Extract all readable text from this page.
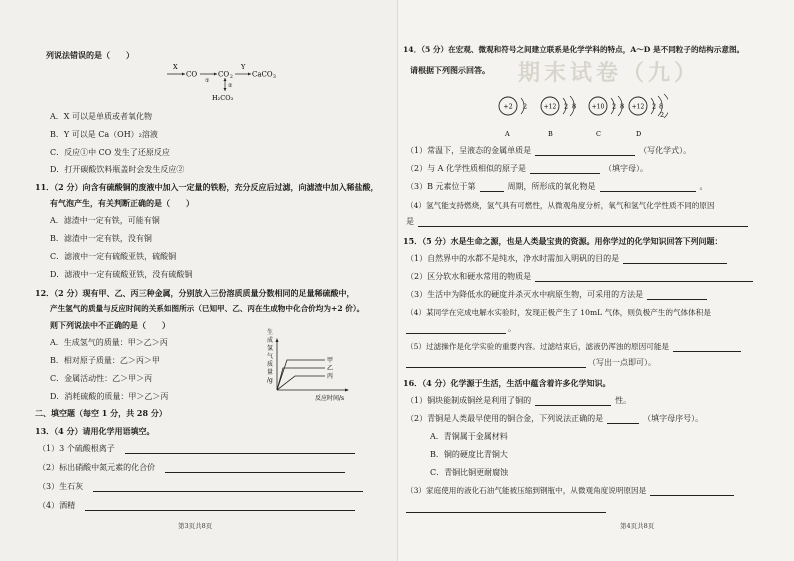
列说法错误的是（　　）
X
CO
①
CO 2
Y
CaCO 3
②
H₂CO₃
A．X 可以是单质或者氧化物
B．Y 可以是 Ca（OH）₂溶液
C．反应①中 CO 发生了还原反应
D．打开碳酸饮料瓶盖时会发生反应②
11．（2 分）向含有硫酸铜的废液中加入一定量的铁粉，充分反应后过滤，向滤渣中加入稀盐酸，
有气泡产生，有关判断正确的是（　　）
A．滤渣中一定有铁，可能有铜
B．滤渣中一定有铁，没有铜
C．滤液中一定有硫酸亚铁，硫酸铜
D．滤液中一定有硫酸亚铁，没有硫酸铜
12．（2 分）现有甲、乙、丙三种金属，分别放入三份溶质质量分数相同的足量稀硫酸中，
产生氢气的质量与反应时间的关系如图所示（已知甲、乙、丙在生成物中化合价均为+2 价）。
则下列说法中不正确的是（　　）
A．生成氢气的质量：甲＞乙＞丙
B．相对原子质量：乙＞丙＞甲
C．金属活动性：乙＞甲＞丙
D．消耗硫酸的质量：甲＞乙＞丙
生
成
氢
气
质
量
/g
甲
乙
丙
反应时间/s
二、填空题（每空 1 分，共 28 分）
13．（4 分）请用化学用语填空。
（1）3 个硫酸根离子
（2）标出硝酸中氮元素的化合价
（3）生石灰
（4）酒精
第3页共8页
期末试卷（九）
14．（5 分）在宏观、微观和符号之间建立联系是化学学科的特点，A～D 是不同粒子的结构示意图。
请根据下列图示回答。
+2 2
A
+12 2 8
B
+10 2 8
C
+12 2 8
2
D
（1）常温下，呈液态的金属单质是	（写化学式）。
（2）与 A 化学性质相似的原子是	（填字母）。
（3）B 元素位于第	周期，所形成的氧化物是	。
（4）氢气能支持燃烧，氢气具有可燃性，从微观角度分析，氧气和氢气化学性质不同的原因
是
15．（5 分）水是生命之源，也是人类最宝贵的资源。用你学过的化学知识回答下列问题：
（1）自然界中的水都不是纯水，净水时需加入明矾的目的是
（2）区分软水和硬水常用的物质是
（3）生活中为降低水的硬度并杀灭水中病原生物，可采用的方法是
（4）某同学在完成电解水实验时，发现正极产生了 10mL 气体，则负极产生的气体体积是
。
（5）过滤操作是化学实验的重要内容。过滤结束后，滤液仍浑浊的原因可能是
（写出一点即可）。
16．（4 分）化学源于生活，生活中蕴含着许多化学知识。
（1）铜块能制成铜丝是利用了铜的	性。
（2）青铜是人类最早使用的铜合金，下列说法正确的是	（填字母序号）。
A．青铜属于金属材料
B．铜的硬度比青铜大
C．青铜比铜更耐腐蚀
（3）家庭使用的液化石油气能被压缩到钢瓶中，从微观角度说明原因是
第4页共8页
